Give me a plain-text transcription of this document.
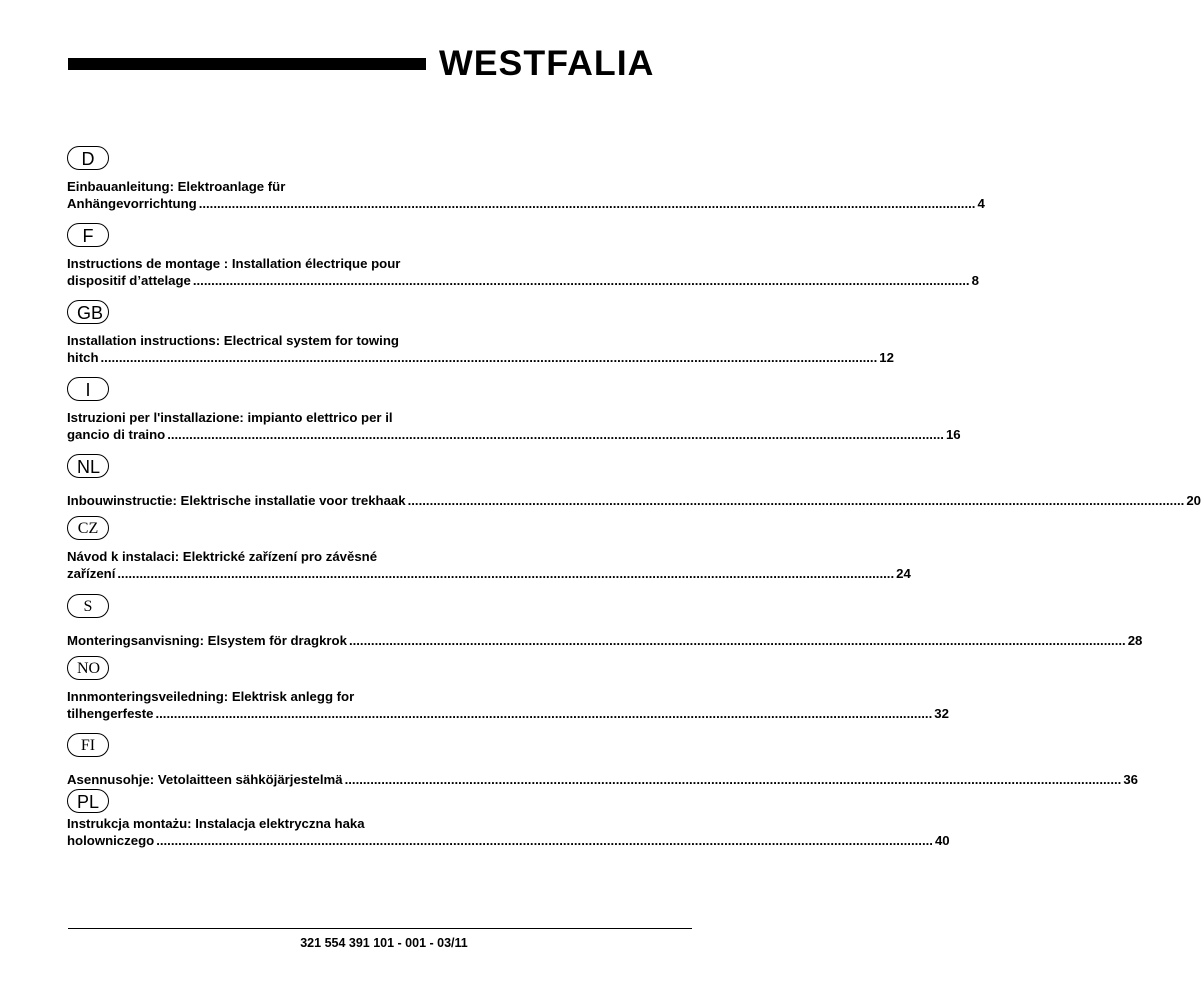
WESTFALIA
D
Einbauanleitung: Elektroanlage für
Anhängevorrichtung .....	4
F
Instructions de montage : Installation électrique pour
dispositif d’attelage .....	8
GB
Installation instructions: Electrical system for towing
hitch .....	12
I
Istruzioni per l'installazione: impianto elettrico per il
gancio di traino .....	16
NL
Inbouwinstructie: Elektrische installatie voor trekhaak .....	20
CZ
Návod k instalaci: Elektrické zařízení pro závěsné
zařízení .....	24
S
Monteringsanvisning: Elsystem för dragkrok .....	28
NO
Innmonteringsveiledning: Elektrisk anlegg for
tilhengerfeste .....	32
FI
Asennusohje: Vetolaitteen sähköjärjestelmä .....	36
PL
Instrukcja montażu: Instalacja elektryczna haka
holowniczego .....	40
321 554 391 101 - 001 - 03/11
